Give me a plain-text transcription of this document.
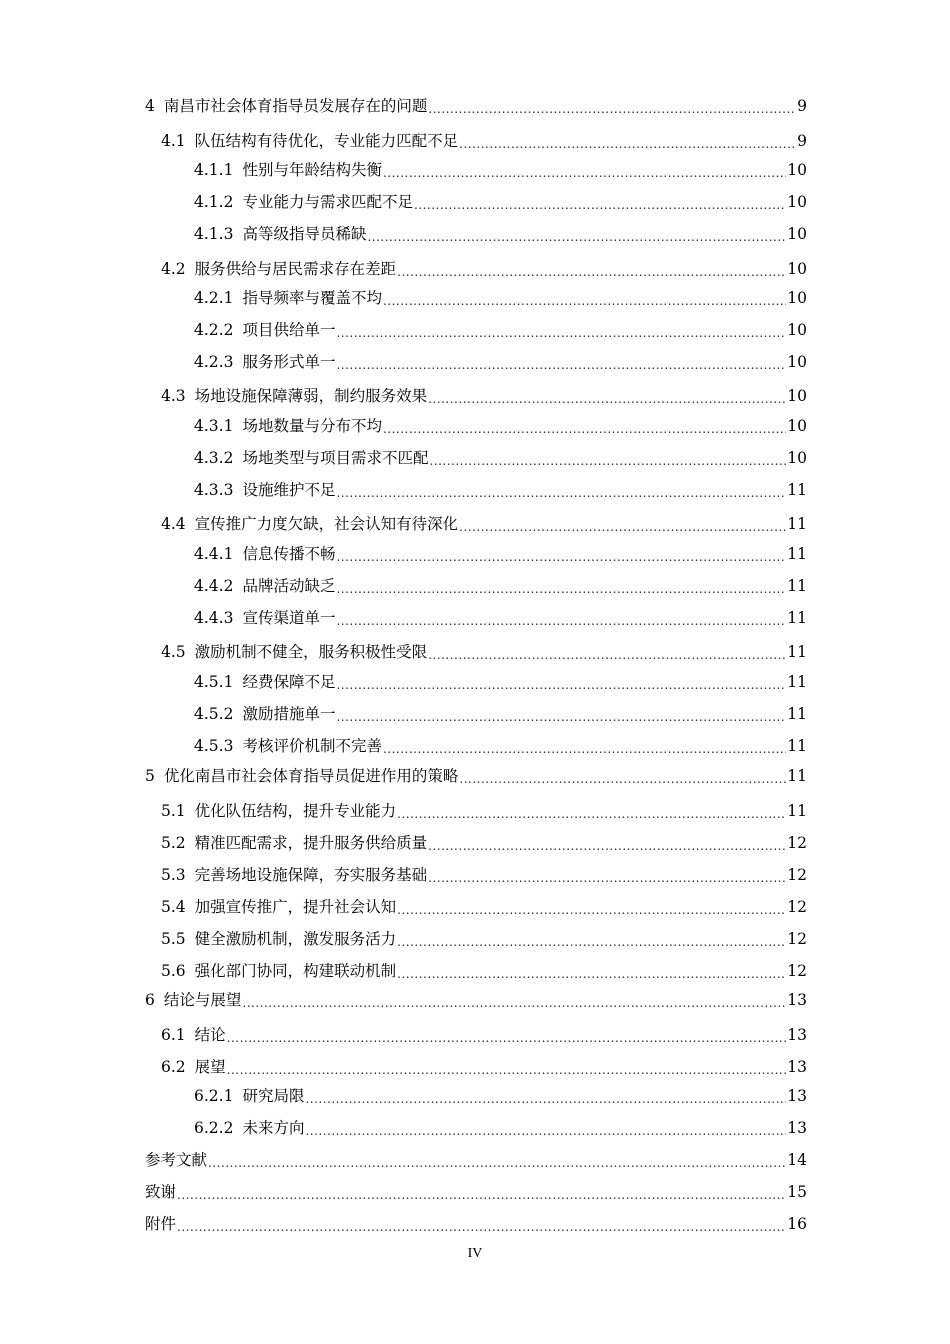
4 南昌市社会体育指导员发展存在的问题 .....	9
4.1 队伍结构有待优化，专业能力匹配不足 .....	9
4.1.1 性别与年龄结构失衡 .....	10
4.1.2 专业能力与需求匹配不足 .....	10
4.1.3 高等级指导员稀缺 .....	10
4.2 服务供给与居民需求存在差距 .....	10
4.2.1 指导频率与覆盖不均 .....	10
4.2.2 项目供给单一 .....	10
4.2.3 服务形式单一 .....	10
4.3 场地设施保障薄弱，制约服务效果 .....	10
4.3.1 场地数量与分布不均 .....	10
4.3.2 场地类型与项目需求不匹配 .....	10
4.3.3 设施维护不足 .....	11
4.4 宣传推广力度欠缺，社会认知有待深化 .....	11
4.4.1 信息传播不畅 .....	11
4.4.2 品牌活动缺乏 .....	11
4.4.3 宣传渠道单一 .....	11
4.5 激励机制不健全，服务积极性受限 .....	11
4.5.1 经费保障不足 .....	11
4.5.2 激励措施单一 .....	11
4.5.3 考核评价机制不完善 .....	11
5 优化南昌市社会体育指导员促进作用的策略 .....	11
5.1 优化队伍结构，提升专业能力 .....	11
5.2 精准匹配需求，提升服务供给质量 .....	12
5.3 完善场地设施保障，夯实服务基础 .....	12
5.4 加强宣传推广，提升社会认知 .....	12
5.5 健全激励机制，激发服务活力 .....	12
5.6 强化部门协同，构建联动机制 .....	12
6 结论与展望 .....	13
6.1 结论 .....	13
6.2 展望 .....	13
6.2.1 研究局限 .....	13
6.2.2 未来方向 .....	13
参考文献 .....	14
致谢 .....	15
附件 .....	16
IV
